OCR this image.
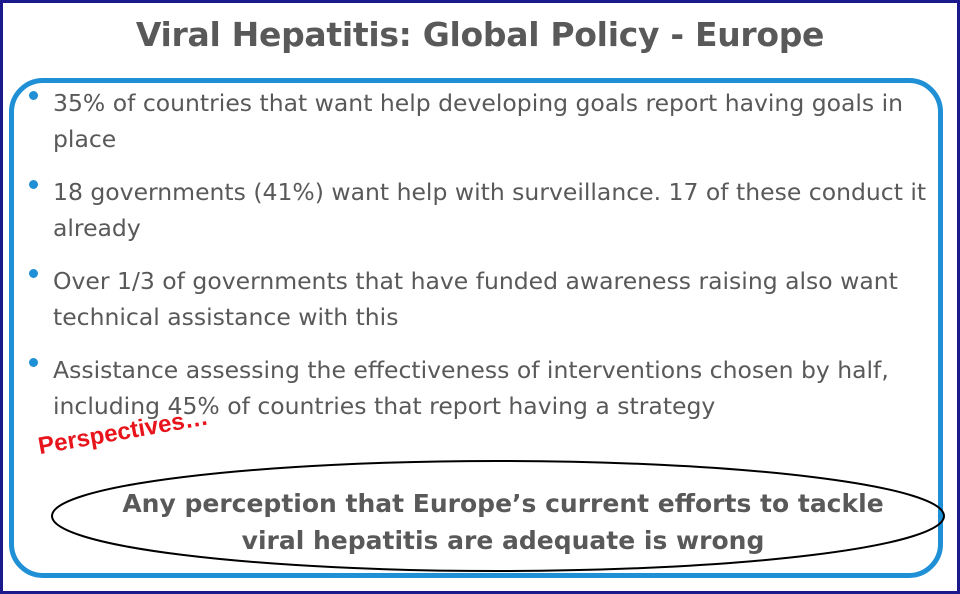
Viral Hepatitis: Global Policy - Europe
35% of countries that want help developing goals report having goals in place
18 governments (41%) want help with surveillance. 17 of these conduct it already
Over 1/3 of governments that have funded awareness raising also want technical assistance with this
Assistance assessing the effectiveness of interventions chosen by half, including 45% of countries that report having a strategy
Perspectives…
Any perception that Europe’s current efforts to tackle
viral hepatitis are adequate is wrong
